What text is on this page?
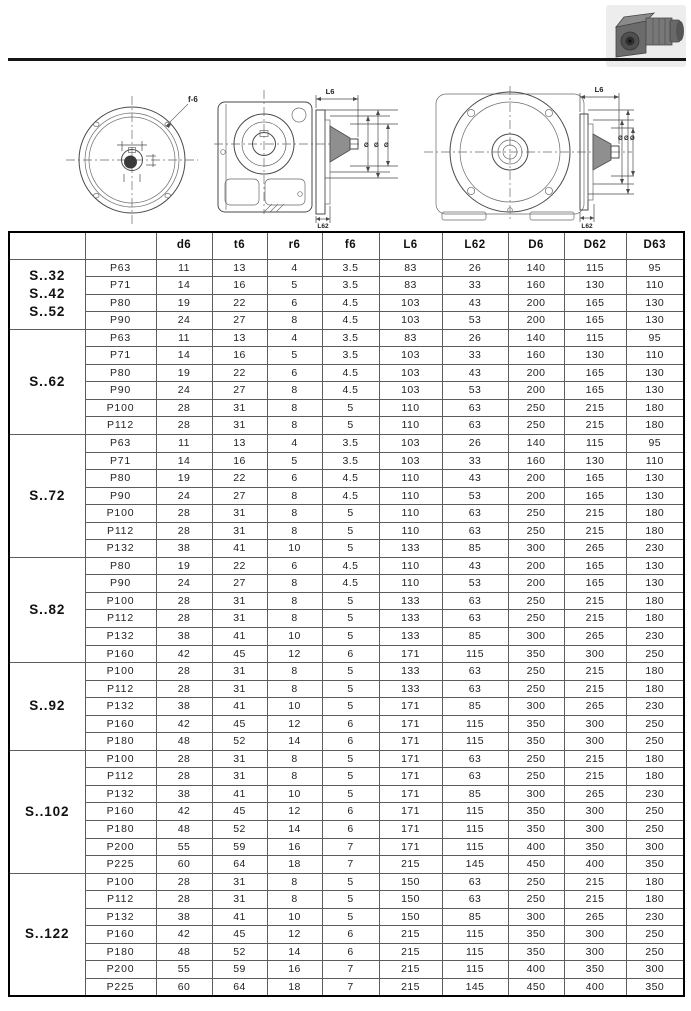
f-6
L6
Ø Ø Ø
L62
L6
Ø Ø Ø
L62
		d6	t6	r6	f6	L6	L62	D6	D62	D63

S..32
S..42
S..52	P63	11	13	4	3.5	83	26	140	115	95
	P71	14	16	5	3.5	83	33	160	130	110
	P80	19	22	6	4.5	103	43	200	165	130
	P90	24	27	8	4.5	103	53	200	165	130

S..62	P63	11	13	4	3.5	83	26	140	115	95
	P71	14	16	5	3.5	103	33	160	130	110
	P80	19	22	6	4.5	103	43	200	165	130
	P90	24	27	8	4.5	103	53	200	165	130
	P100	28	31	8	5	110	63	250	215	180
	P112	28	31	8	5	110	63	250	215	180

S..72	P63	11	13	4	3.5	103	26	140	115	95
	P71	14	16	5	3.5	103	33	160	130	110
	P80	19	22	6	4.5	110	43	200	165	130
	P90	24	27	8	4.5	110	53	200	165	130
	P100	28	31	8	5	110	63	250	215	180
	P112	28	31	8	5	110	63	250	215	180
	P132	38	41	10	5	133	85	300	265	230

S..82	P80	19	22	6	4.5	110	43	200	165	130
	P90	24	27	8	4.5	110	53	200	165	130
	P100	28	31	8	5	133	63	250	215	180
	P112	28	31	8	5	133	63	250	215	180
	P132	38	41	10	5	133	85	300	265	230
	P160	42	45	12	6	171	115	350	300	250

S..92	P100	28	31	8	5	133	63	250	215	180
	P112	28	31	8	5	133	63	250	215	180
	P132	38	41	10	5	171	85	300	265	230
	P160	42	45	12	6	171	115	350	300	250
	P180	48	52	14	6	171	115	350	300	250

S..102	P100	28	31	8	5	171	63	250	215	180
	P112	28	31	8	5	171	63	250	215	180
	P132	38	41	10	5	171	85	300	265	230
	P160	42	45	12	6	171	115	350	300	250
	P180	48	52	14	6	171	115	350	300	250
	P200	55	59	16	7	171	115	400	350	300
	P225	60	64	18	7	215	145	450	400	350

S..122	P100	28	31	8	5	150	63	250	215	180
	P112	28	31	8	5	150	63	250	215	180
	P132	38	41	10	5	150	85	300	265	230
	P160	42	45	12	6	215	115	350	300	250
	P180	48	52	14	6	215	115	350	300	250
	P200	55	59	16	7	215	115	400	350	300
	P225	60	64	18	7	215	145	450	400	350
